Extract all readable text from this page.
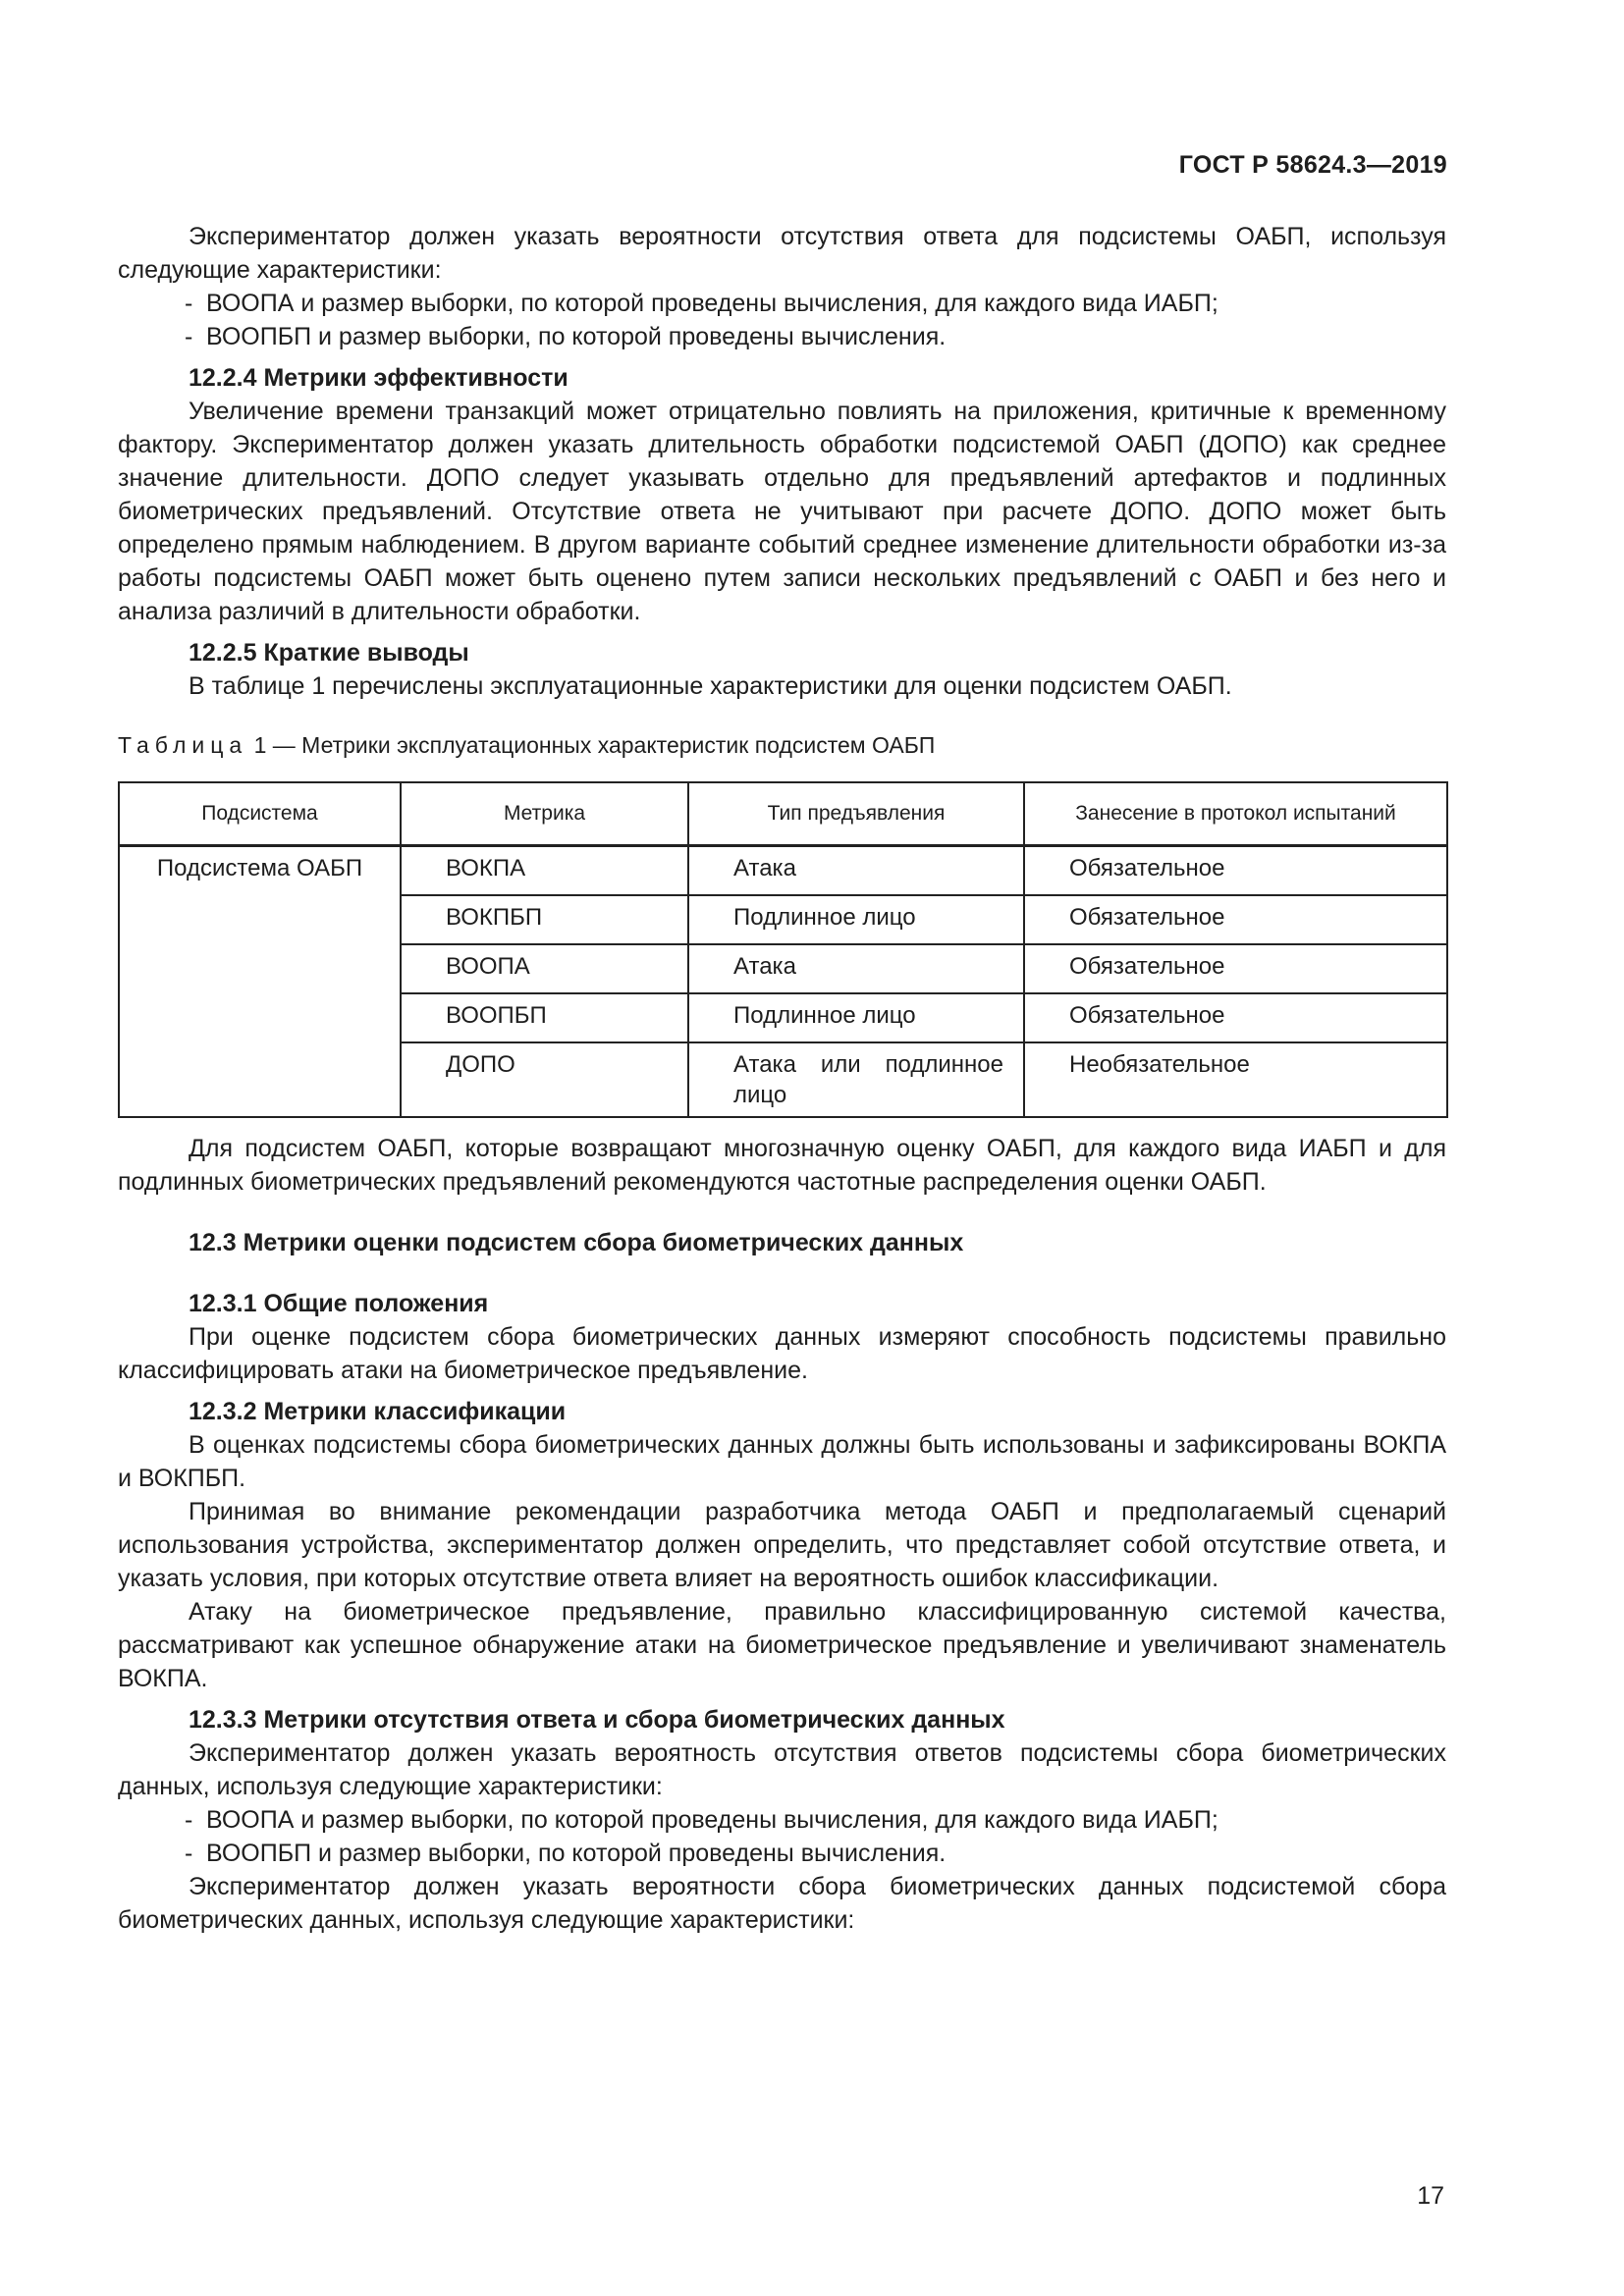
ГОСТ Р 58624.3—2019

Экспериментатор должен указать вероятности отсутствия ответа для подсистемы ОАБП, используя следующие характеристики:

- ВООПА и размер выборки, по которой проведены вычисления, для каждого вида ИАБП;

- ВООПБП и размер выборки, по которой проведены вычисления.

12.2.4 Метрики эффективности

Увеличение времени транзакций может отрицательно повлиять на приложения, критичные к временному фактору. Экспериментатор должен указать длительность обработки подсистемой ОАБП (ДОПО) как среднее значение длительности. ДОПО следует указывать отдельно для предъявлений артефактов и подлинных биометрических предъявлений. Отсутствие ответа не учитывают при расчете ДОПО. ДОПО может быть определено прямым наблюдением. В другом варианте событий среднее изменение длительности обработки из-за работы подсистемы ОАБП может быть оценено путем записи нескольких предъявлений с ОАБП и без него и анализа различий в длительности обработки.

12.2.5 Краткие выводы

В таблице 1 перечислены эксплуатационные характеристики для оценки подсистем ОАБП.

Таблица 1 — Метрики эксплуатационных характеристик подсистем ОАБП

Подсистема	Метрика	Тип предъявления	Занесение в протокол испытаний
Подсистема ОАБП	ВОКПА	Атака	Обязательное
	ВОКПБП	Подлинное лицо	Обязательное
	ВООПА	Атака	Обязательное
	ВООПБП	Подлинное лицо	Обязательное
	ДОПО	Атака или подлинное лицо	Необязательное

Для подсистем ОАБП, которые возвращают многозначную оценку ОАБП, для каждого вида ИАБП и для подлинных биометрических предъявлений рекомендуются частотные распределения оценки ОАБП.

12.3 Метрики оценки подсистем сбора биометрических данных

12.3.1 Общие положения

При оценке подсистем сбора биометрических данных измеряют способность подсистемы правильно классифицировать атаки на биометрическое предъявление.

12.3.2 Метрики классификации

В оценках подсистемы сбора биометрических данных должны быть использованы и зафиксированы ВОКПА и ВОКПБП.

Принимая во внимание рекомендации разработчика метода ОАБП и предполагаемый сценарий использования устройства, экспериментатор должен определить, что представляет собой отсутствие ответа, и указать условия, при которых отсутствие ответа влияет на вероятность ошибок классификации.

Атаку на биометрическое предъявление, правильно классифицированную системой качества, рассматривают как успешное обнаружение атаки на биометрическое предъявление и увеличивают знаменатель ВОКПА.

12.3.3 Метрики отсутствия ответа и сбора биометрических данных

Экспериментатор должен указать вероятность отсутствия ответов подсистемы сбора биометрических данных, используя следующие характеристики:

- ВООПА и размер выборки, по которой проведены вычисления, для каждого вида ИАБП;

- ВООПБП и размер выборки, по которой проведены вычисления.

Экспериментатор должен указать вероятности сбора биометрических данных подсистемой сбора биометрических данных, используя следующие характеристики:

17
